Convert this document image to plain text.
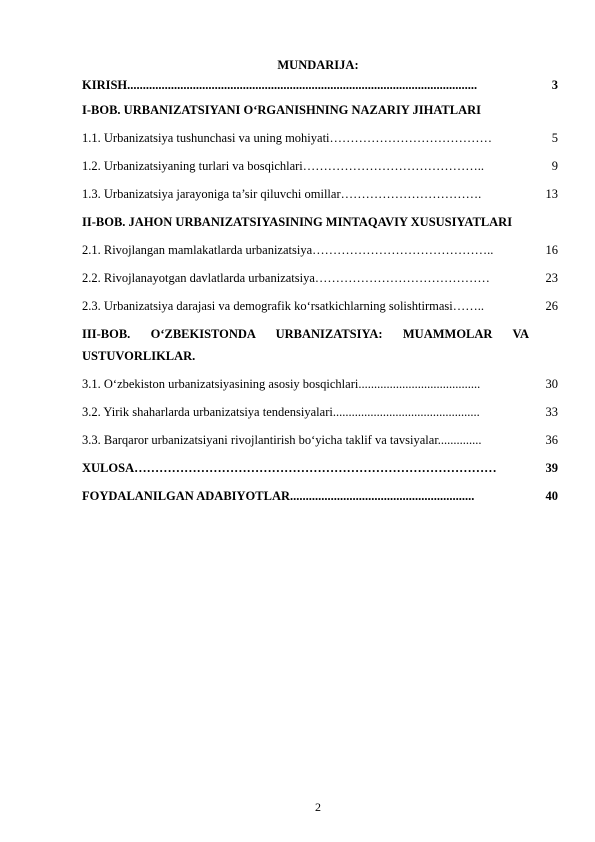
MUNDARIJA:
KIRISH................................................................................................................	3
I-BOB. URBANIZATSIYANI O‘RGANISHNING NAZARIY JIHATLARI
1.1. Urbanizatsiya tushunchasi va uning mohiyati…………………………………	5
1.2. Urbanizatsiyaning turlari va bosqichlari……………………………………..	9
1.3. Urbanizatsiya jarayoniga ta’sir qiluvchi omillar…………………………….	13
II-BOB. JAHON URBANIZATSIYASINING MINTAQAVIY XUSUSIYATLARI
2.1. Rivojlangan mamlakatlarda urbanizatsiya……………………………………..	16
2.2. Rivojlanayotgan davlatlarda urbanizatsiya……………………………………	23
2.3. Urbanizatsiya darajasi va demografik ko‘rsatkichlarning solishtirmasi……..	26
III-BOB. O‘ZBEKISTONDA URBANIZATSIYA: MUAMMOLAR VA USTUVORLIKLAR.
3.1. O‘zbekiston urbanizatsiyasining asosiy bosqichlari.......................................	30
3.2. Yirik shaharlarda urbanizatsiya tendensiyalari...............................................	33
3.3. Barqaror urbanizatsiyani rivojlantirish bo‘yicha taklif va tavsiyalar..............	36
XULOSA……………………………………………………………………………	39
FOYDALANILGAN ADABIYOTLAR...........................................................	40
2
